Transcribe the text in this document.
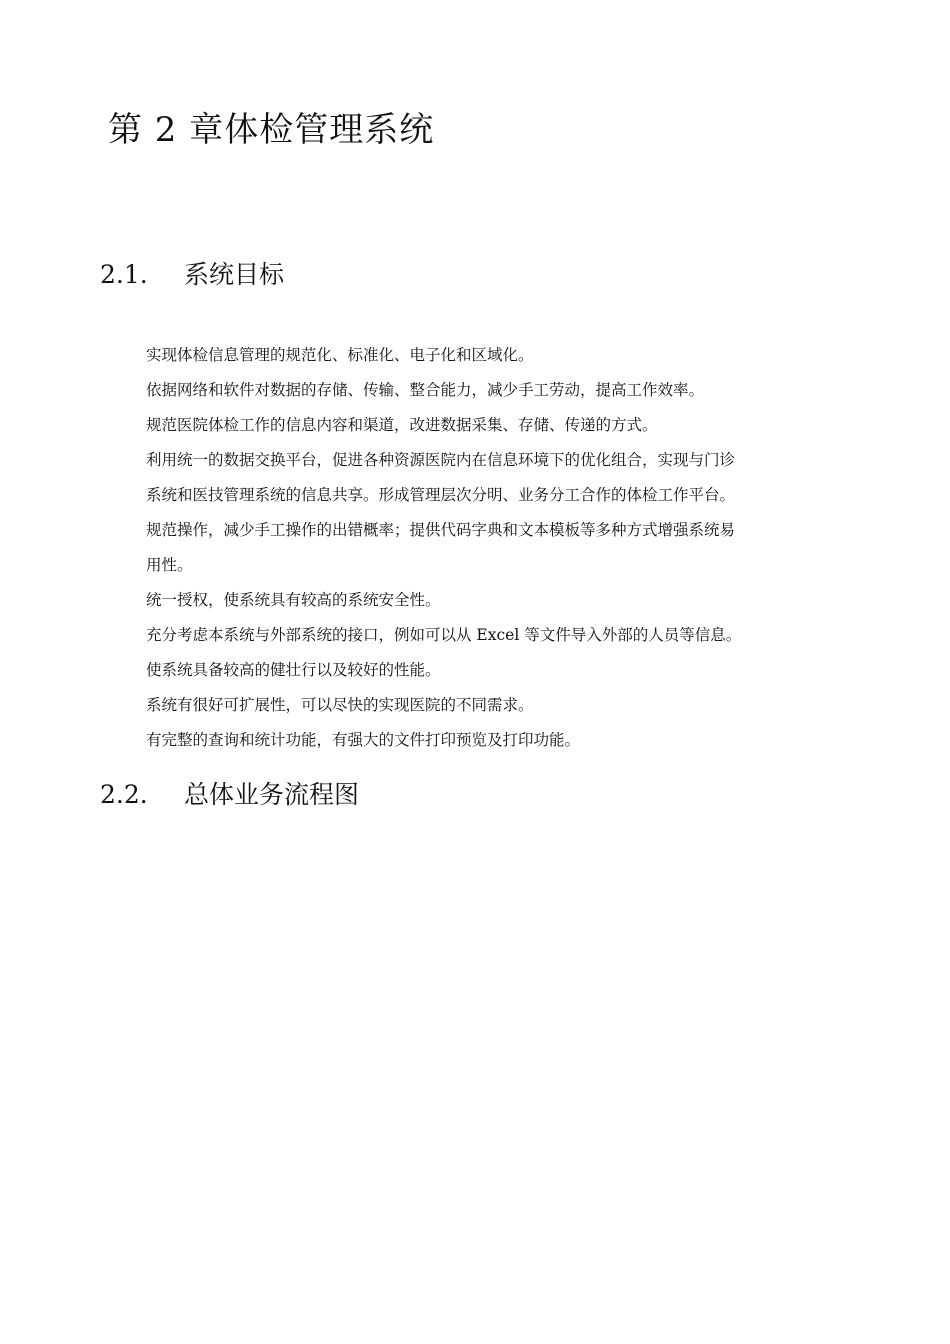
第 2 章体检管理系统
2.1. 系统目标

实现体检信息管理的规范化、标准化、电子化和区域化。

依据网络和软件对数据的存储、传输、整合能力，减少手工劳动，提高工作效率。

规范医院体检工作的信息内容和渠道，改进数据采集、存储、传递的方式。

利用统一的数据交换平台，促进各种资源医院内在信息环境下的优化组合，实现与门诊

系统和医技管理系统的信息共享。形成管理层次分明、业务分工合作的体检工作平台。

规范操作，减少手工操作的出错概率；提供代码字典和文本模板等多种方式增强系统易

用性。

统一授权，使系统具有较高的系统安全性。

充分考虑本系统与外部系统的接口，例如可以从 Excel 等文件导入外部的人员等信息。

使系统具备较高的健壮行以及较好的性能。

系统有很好可扩展性，可以尽快的实现医院的不同需求。

有完整的查询和统计功能，有强大的文件打印预览及打印功能。

2.2. 总体业务流程图
